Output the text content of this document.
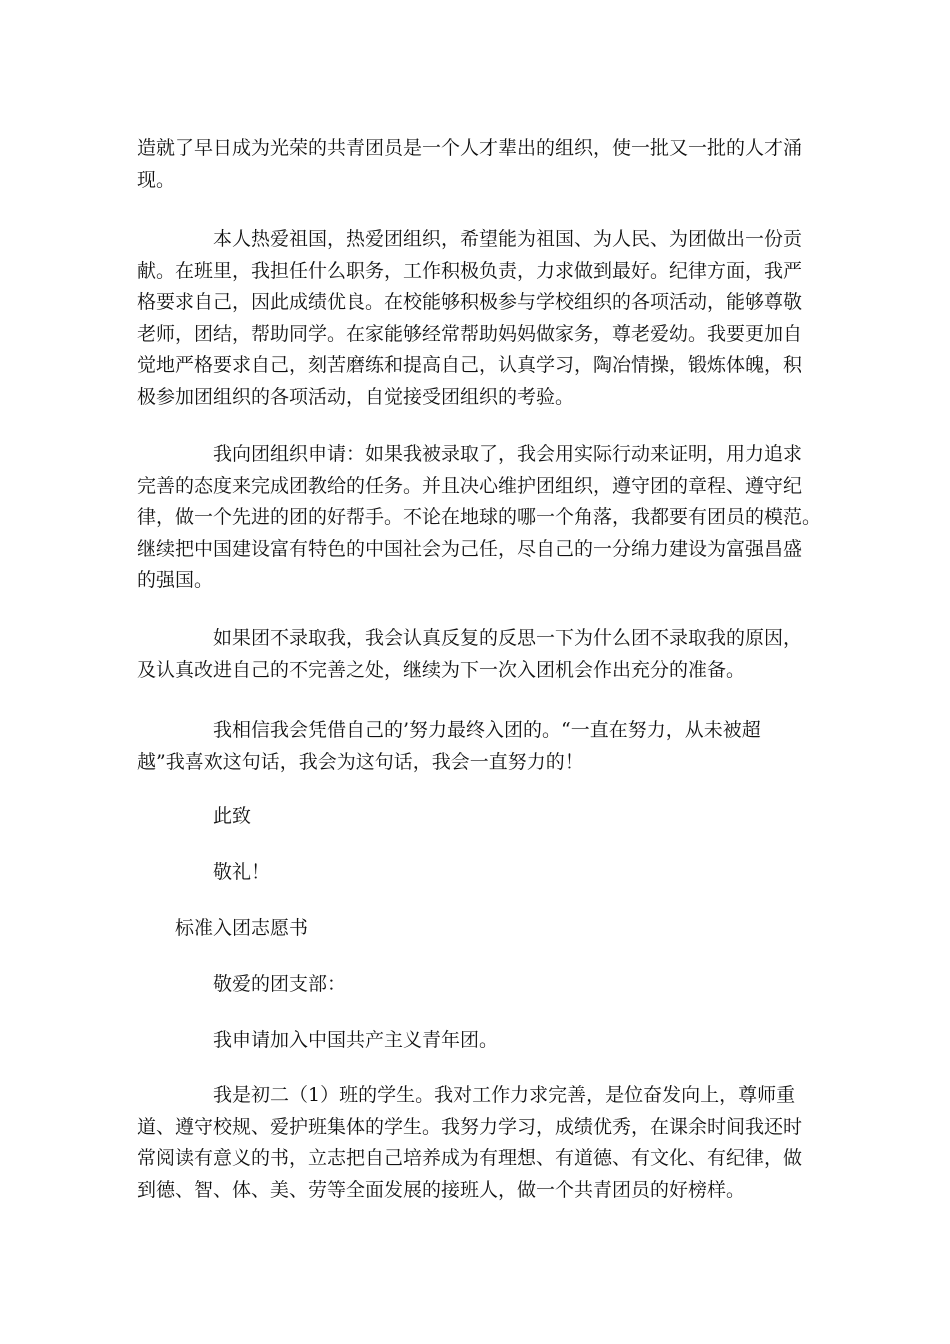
造就了早日成为光荣的共青团员是一个人才辈出的组织，使一批又一批的人才涌
现。

本人热爱祖国，热爱团组织，希望能为祖国、为人民、为团做出一份贡
献。在班里，我担任什么职务，工作积极负责，力求做到最好。纪律方面，我严
格要求自己，因此成绩优良。在校能够积极参与学校组织的各项活动，能够尊敬
老师，团结，帮助同学。在家能够经常帮助妈妈做家务，尊老爱幼。我要更加自
觉地严格要求自己，刻苦磨练和提高自己，认真学习，陶冶情操，锻炼体魄，积
极参加团组织的各项活动，自觉接受团组织的考验。

我向团组织申请：如果我被录取了，我会用实际行动来证明，用力追求
完善的态度来完成团教给的任务。并且决心维护团组织，遵守团的章程、遵守纪
律，做一个先进的团的好帮手。不论在地球的哪一个角落，我都要有团员的模范。
继续把中国建设富有特色的中国社会为己任，尽自己的一分绵力建设为富强昌盛
的强国。

如果团不录取我，我会认真反复的反思一下为什么团不录取我的原因，
及认真改进自己的不完善之处，继续为下一次入团机会作出充分的准备。

我相信我会凭借自己的’努力最终入团的。“一直在努力，从未被超
越”我喜欢这句话，我会为这句话，我会一直努力的！

此致

敬礼！

标准入团志愿书

敬爱的团支部：

我申请加入中国共产主义青年团。

我是初二（1）班的学生。我对工作力求完善，是位奋发向上，尊师重
道、遵守校规、爱护班集体的学生。我努力学习，成绩优秀，在课余时间我还时
常阅读有意义的书，立志把自己培养成为有理想、有道德、有文化、有纪律，做
到德、智、体、美、劳等全面发展的接班人，做一个共青团员的好榜样。
